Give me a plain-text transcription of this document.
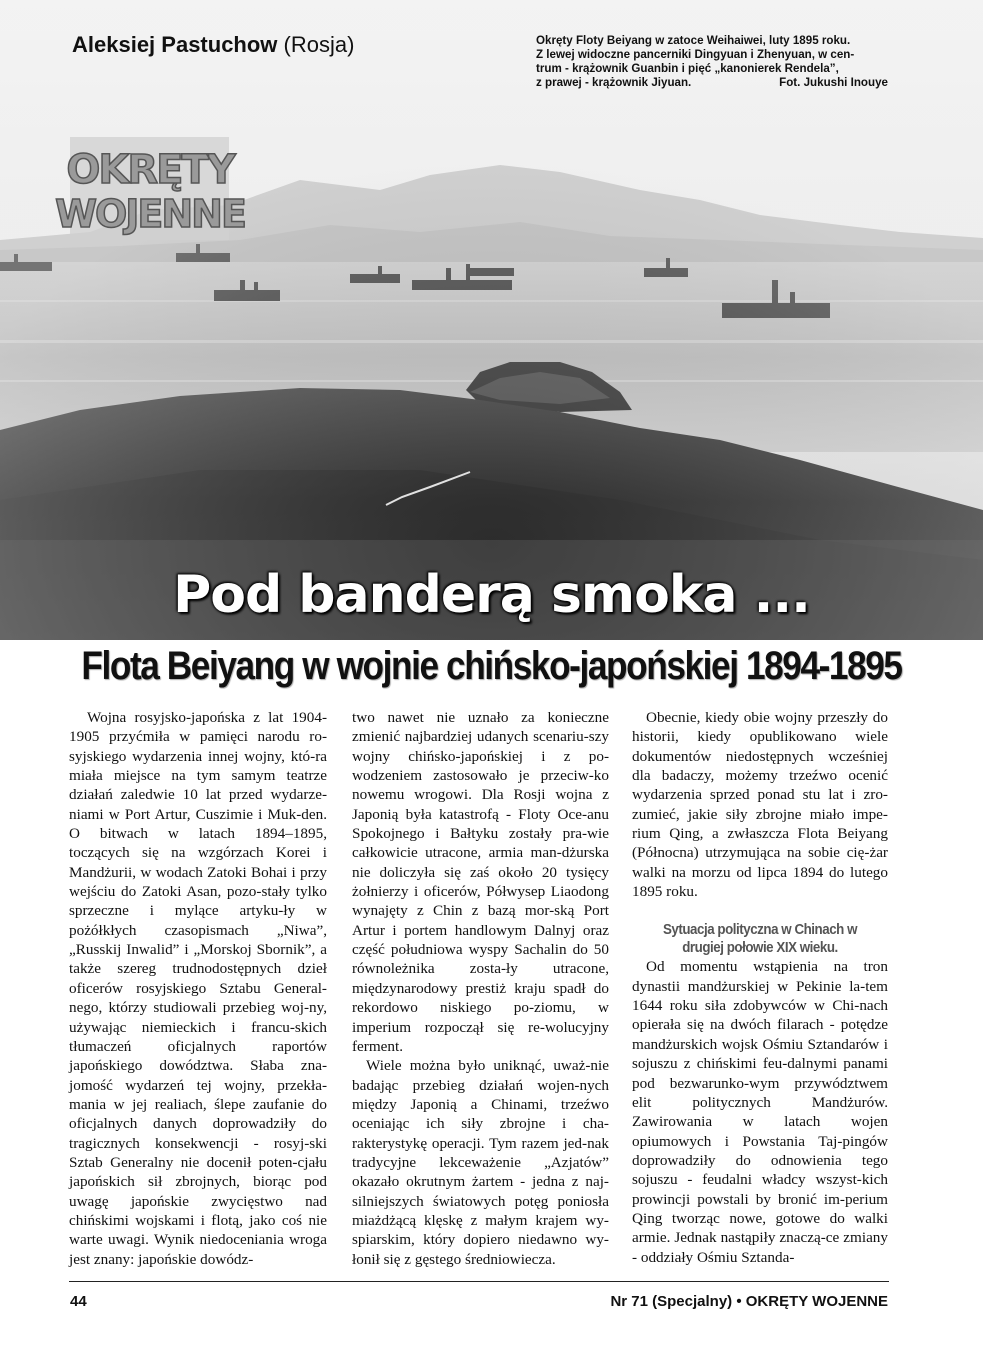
OKRĘTY
WOJENNE
Aleksiej Pastuchow (Rosja)	Okręty Floty Beiyang w zatoce Weihaiwei, luty 1895 roku.
Z lewej widoczne pancerniki Dingyuan i Zhenyuan, w cen-
trum - krążownik Guanbin i pięć „kanonierek Rendela”,
z prawej - krążownik Jiyuan.	Fot. Jukushi Inouye
Pod banderą smoka ...
Flota Beiyang w wojnie chińsko-japońskiej 1894-1895

Wojna rosyjsko-japońska z lat 1904-1905 przyćmiła w pamięci narodu ro-syjskiego wydarzenia innej wojny, któ-ra miała miejsce na tym samym teatrze działań zaledwie 10 lat przed wydarze-niami w Port Artur, Cuszimie i Muk-den. O bitwach w latach 1894–1895, toczących się na wzgórzach Korei i Mandżurii, w wodach Zatoki Bohai i przy wejściu do Zatoki Asan, pozo-stały tylko sprzeczne i mylące artyku-ły w pożółkłych czasopismach „Niwa”, „Russkij Inwalid” i „Morskoj Sbornik”, a także szereg trudnodostępnych dzieł oficerów rosyjskiego Sztabu General-nego, którzy studiowali przebieg woj-ny, używając niemieckich i francu-skich tłumaczeń oficjalnych raportów japońskiego dowództwa. Słaba zna-jomość wydarzeń tej wojny, przekła-mania w jej realiach, ślepe zaufanie do oficjalnych danych doprowadziły do tragicznych konsekwencji - rosyj-ski Sztab Generalny nie docenił poten-cjału japońskich sił zbrojnych, biorąc pod uwagę japońskie zwycięstwo nad chińskimi wojskami i flotą, jako coś nie warte uwagi. Wynik niedoceniania wroga jest znany: japońskie dowódz-

two nawet nie uznało za konieczne zmienić najbardziej udanych scenariu-szy wojny chińsko-japońskiej i z po-wodzeniem zastosowało je przeciw-ko nowemu wrogowi. Dla Rosji wojna z Japonią była katastrofą - Floty Oce-anu Spokojnego i Bałtyku zostały pra-wie całkowicie utracone, armia man-dżurska nie doliczyła się zaś około 20 tysięcy żołnierzy i oficerów, Półwysep Liaodong wynajęty z Chin z bazą mor-ską Port Artur i portem handlowym Dalnyj oraz część południowa wyspy Sachalin do 50 równoleżnika zosta-ły utracone, międzynarodowy prestiż kraju spadł do rekordowo niskiego po-ziomu, w imperium rozpoczął się re-wolucyjny ferment.

Wiele można było uniknąć, uważ-nie badając przebieg działań wojen-nych między Japonią a Chinami, trzeźwo oceniając ich siły zbrojne i cha-rakterystykę operacji. Tym razem jed-nak tradycyjne lekceważenie „Azjatów” okazało okrutnym żartem - jedna z naj-silniejszych światowych potęg poniosła miażdżącą klęskę z małym krajem wy-spiarskim, który dopiero niedawno wy-łonił się z gęstego średniowiecza.

Obecnie, kiedy obie wojny przeszły do historii, kiedy opublikowano wiele dokumentów niedostępnych wcześniej dla badaczy, możemy trzeźwo ocenić wydarzenia sprzed ponad stu lat i zro-zumieć, jakie siły zbrojne miało impe-rium Qing, a zwłaszcza Flota Beiyang (Północna) utrzymująca na sobie cię-żar walki na morzu od lipca 1894 do lutego 1895 roku.

Sytuacja polityczna w Chinach w drugiej połowie XIX wieku.

Od momentu wstąpienia na tron dynastii mandżurskiej w Pekinie la-tem 1644 roku siła zdobywców w Chi-nach opierała się na dwóch filarach - potędze mandżurskich wojsk Ośmiu Sztandarów i sojuszu z chińskimi feu-dalnymi panami pod bezwarunko-wym przywództwem elit politycznych Mandżurów. Zawirowania w latach wojen opiumowych i Powstania Taj-pingów doprowadziły do odnowienia tego sojuszu - feudalni władcy wszyst-kich prowincji powstali by bronić im-perium Qing tworząc nowe, gotowe do walki armie. Jednak nastąpiły znaczą-ce zmiany - oddziały Ośmiu Sztanda-

44	Nr 71 (Specjalny) • OKRĘTY WOJENNE
